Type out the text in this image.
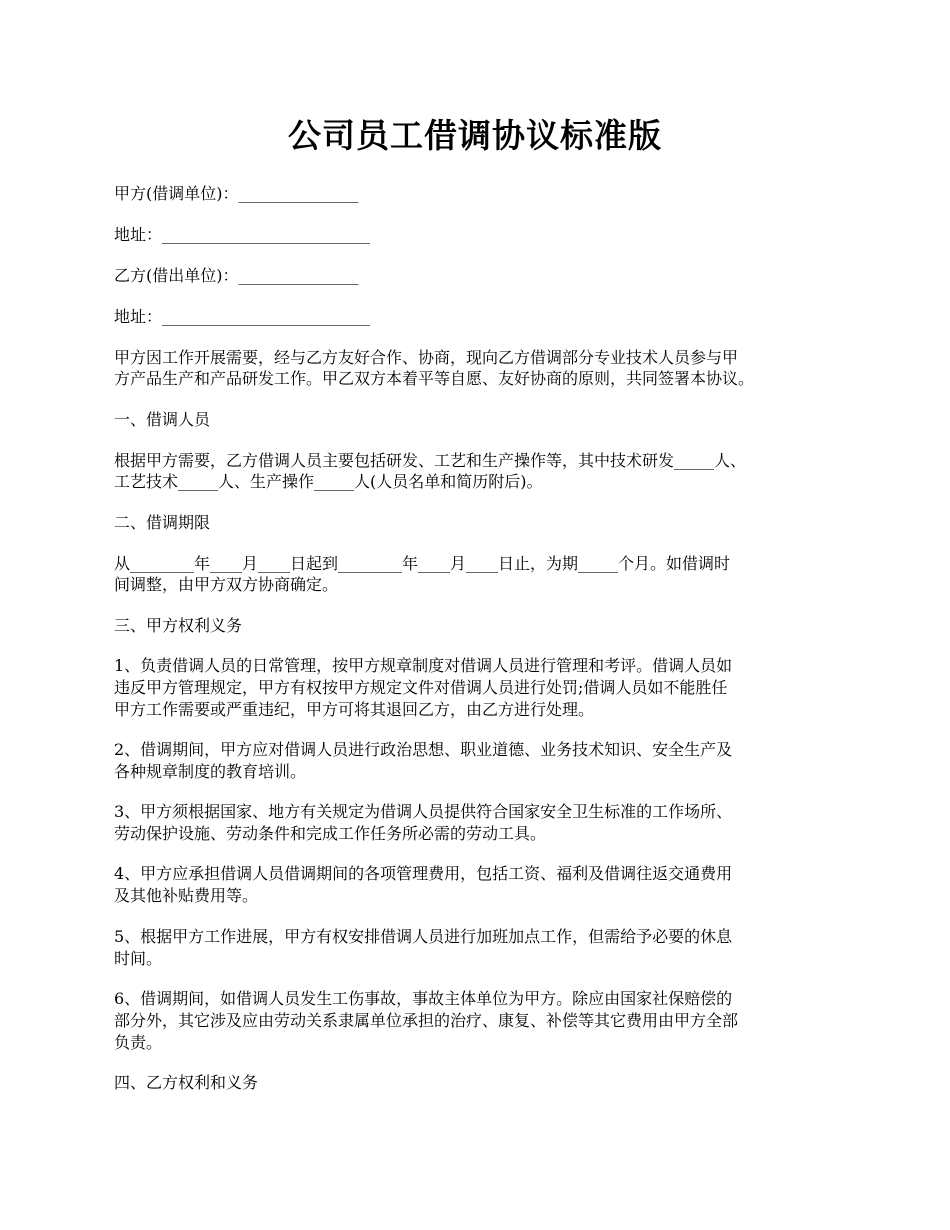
公司员工借调协议标准版
甲方(借调单位)：_______________
地址：__________________________
乙方(借出单位)：_______________
地址：__________________________
甲方因工作开展需要，经与乙方友好合作、协商，现向乙方借调部分专业技术人员参与甲
方产品生产和产品研发工作。甲乙双方本着平等自愿、友好协商的原则，共同签署本协议。
一、借调人员
根据甲方需要，乙方借调人员主要包括研发、工艺和生产操作等，其中技术研发_____人、
工艺技术_____人、生产操作_____人(人员名单和简历附后)。
二、借调期限
从________年____月____日起到________年____月____日止，为期_____个月。如借调时
间调整，由甲方双方协商确定。
三、甲方权利义务
1、负责借调人员的日常管理，按甲方规章制度对借调人员进行管理和考评。借调人员如
违反甲方管理规定，甲方有权按甲方规定文件对借调人员进行处罚;借调人员如不能胜任
甲方工作需要或严重违纪，甲方可将其退回乙方，由乙方进行处理。
2、借调期间，甲方应对借调人员进行政治思想、职业道德、业务技术知识、安全生产及
各种规章制度的教育培训。
3、甲方须根据国家、地方有关规定为借调人员提供符合国家安全卫生标准的工作场所、
劳动保护设施、劳动条件和完成工作任务所必需的劳动工具。
4、甲方应承担借调人员借调期间的各项管理费用，包括工资、福利及借调往返交通费用
及其他补贴费用等。
5、根据甲方工作进展，甲方有权安排借调人员进行加班加点工作，但需给予必要的休息
时间。
6、借调期间，如借调人员发生工伤事故，事故主体单位为甲方。除应由国家社保赔偿的
部分外，其它涉及应由劳动关系隶属单位承担的治疗、康复、补偿等其它费用由甲方全部
负责。
四、乙方权利和义务
